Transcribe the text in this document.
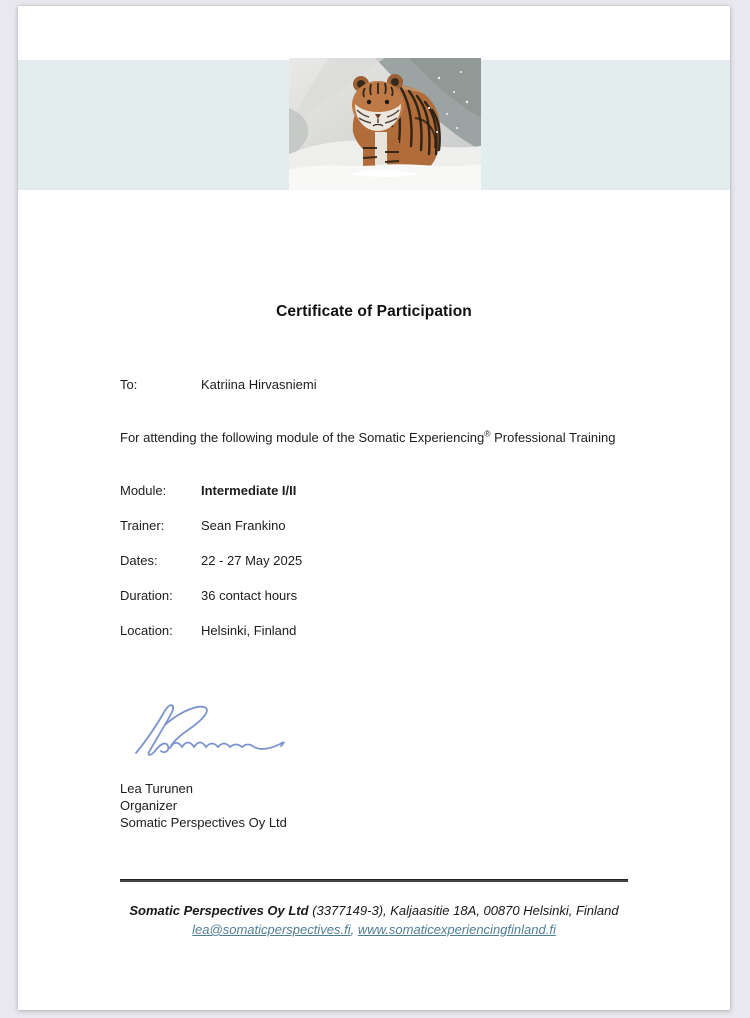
Certificate of Participation
To:	Katriina Hirvasniemi
For attending the following module of the Somatic Experiencing® Professional Training
Module:	Intermediate I/II
Trainer:	Sean Frankino
Dates:	22 - 27 May 2025
Duration: 36 contact hours
Location: Helsinki, Finland
Lea Turunen
Organizer
Somatic Perspectives Oy Ltd
Somatic Perspectives Oy Ltd (3377149-3), Kaljaasitie 18A, 00870 Helsinki, Finland
lea@somaticperspectives.fi, www.somaticexperiencingfinland.fi
